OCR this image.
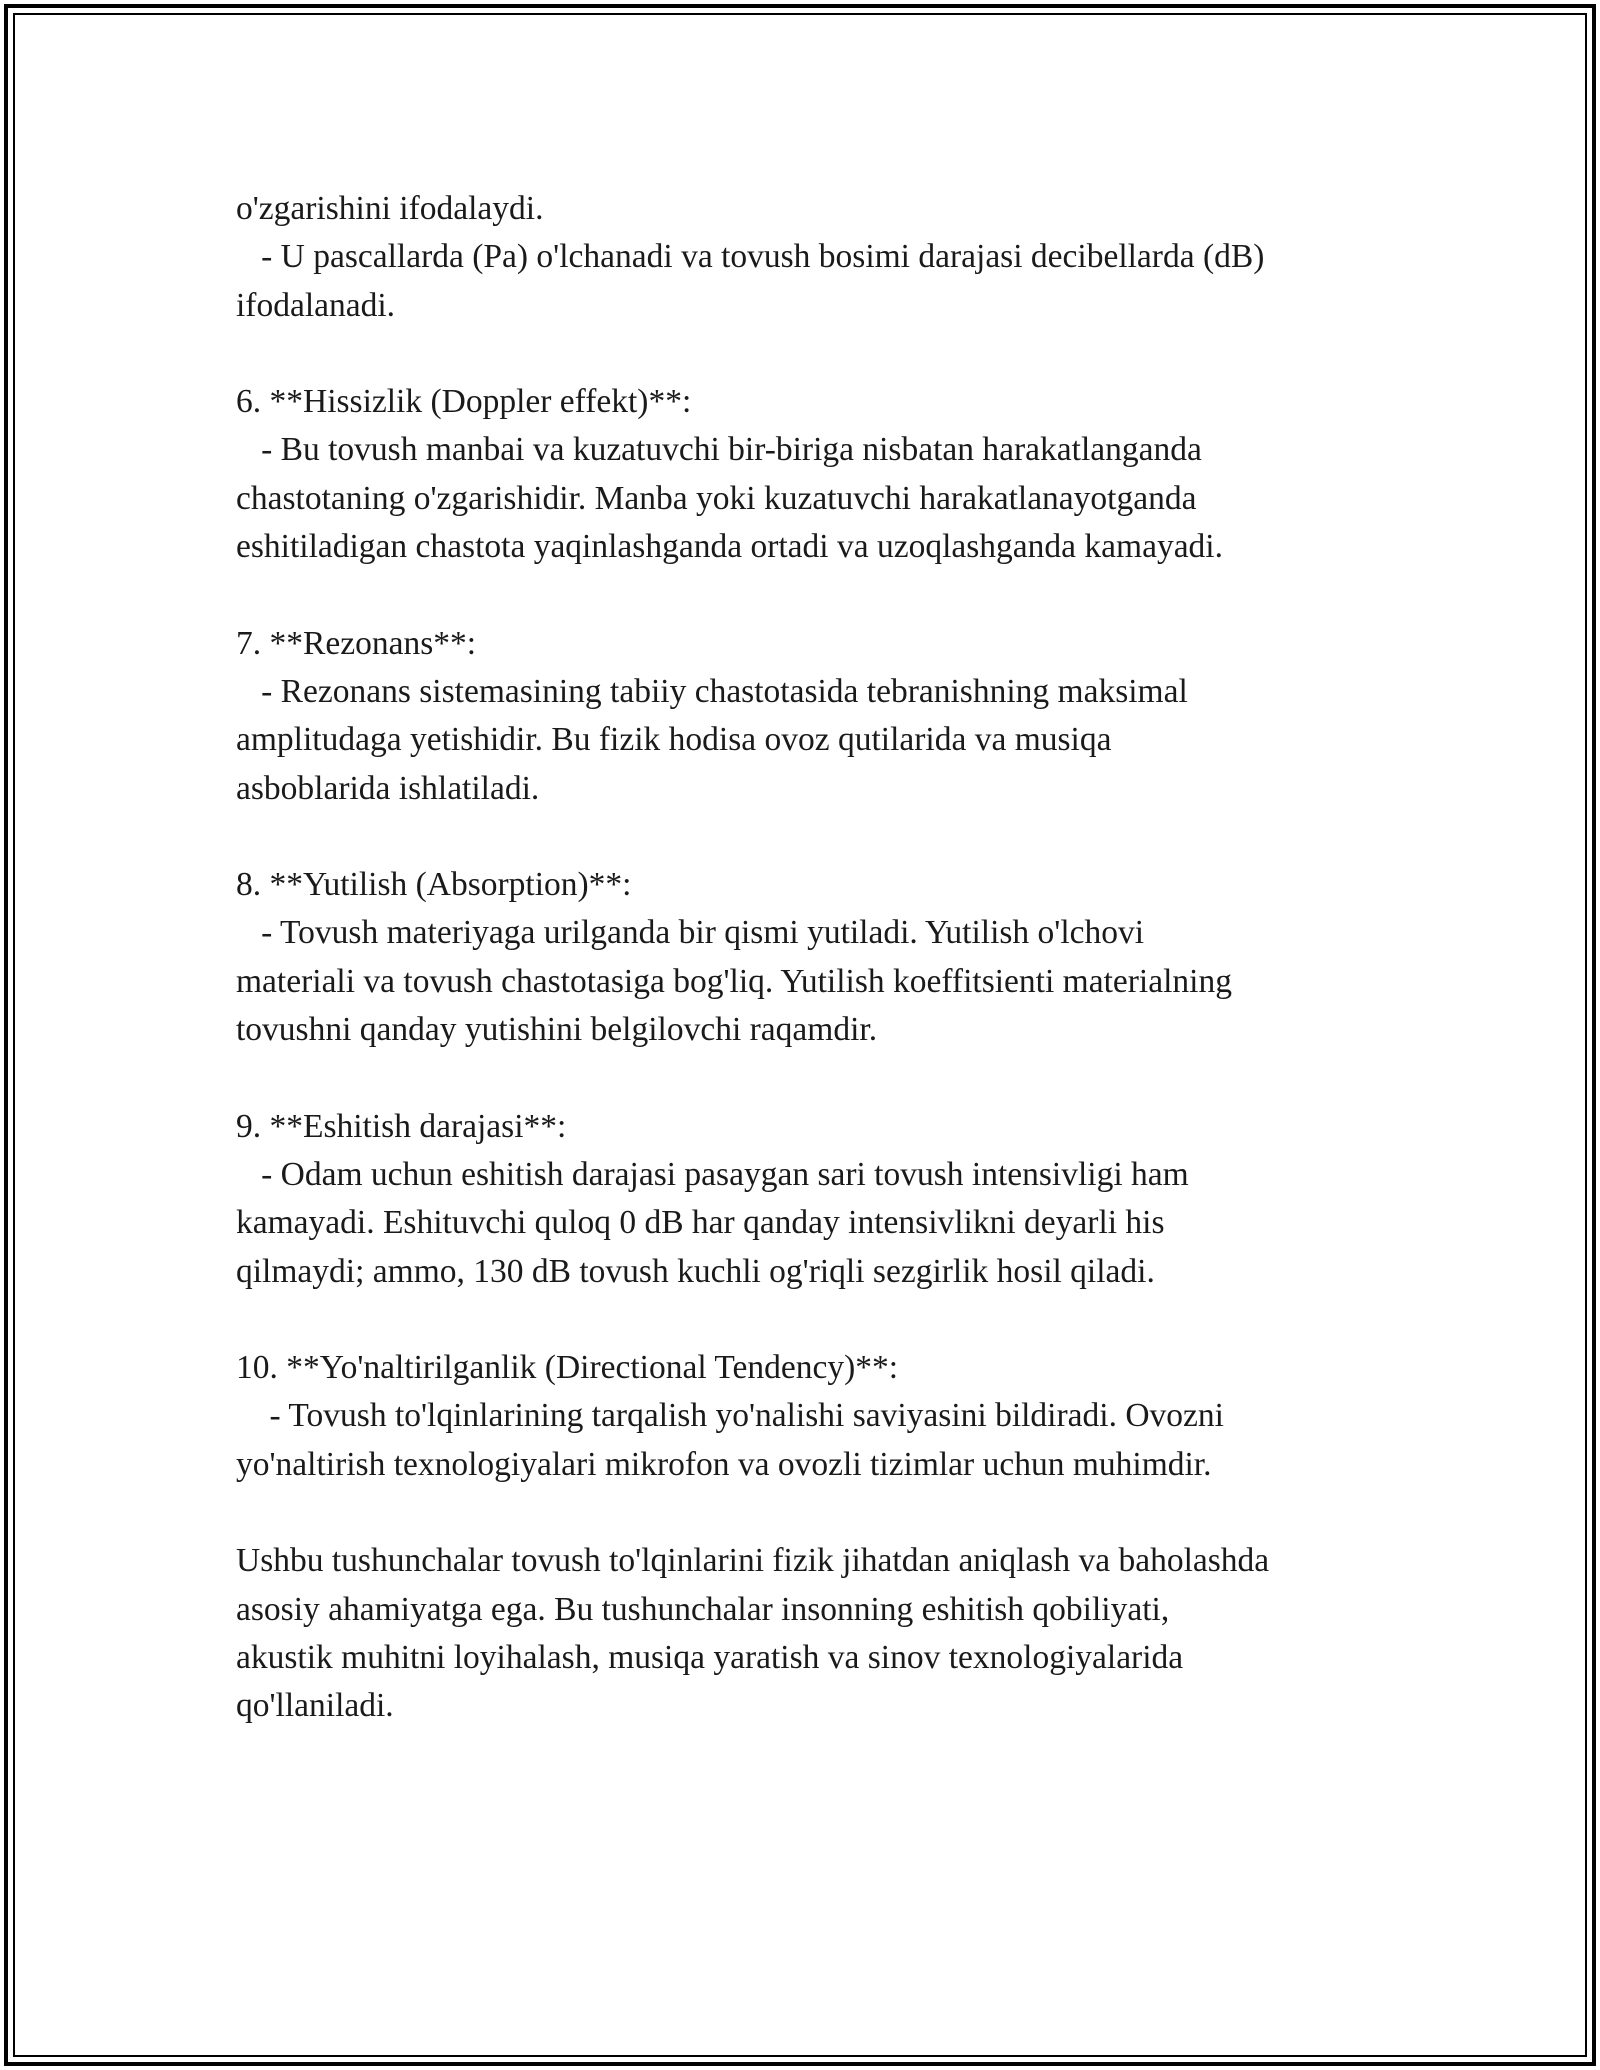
o'zgarishini ifodalaydi.
- U pascallarda (Pa) o'lchanadi va tovush bosimi darajasi decibellarda (dB)
ifodalanadi.
6. **Hissizlik (Doppler effekt)**:
- Bu tovush manbai va kuzatuvchi bir-biriga nisbatan harakatlanganda
chastotaning o'zgarishidir. Manba yoki kuzatuvchi harakatlanayotganda
eshitiladigan chastota yaqinlashganda ortadi va uzoqlashganda kamayadi.
7. **Rezonans**:
- Rezonans sistemasining tabiiy chastotasida tebranishning maksimal
amplitudaga yetishidir. Bu fizik hodisa ovoz qutilarida va musiqa
asboblarida ishlatiladi.
8. **Yutilish (Absorption)**:
- Tovush materiyaga urilganda bir qismi yutiladi. Yutilish o'lchovi
materiali va tovush chastotasiga bog'liq. Yutilish koeffitsienti materialning
tovushni qanday yutishini belgilovchi raqamdir.
9. **Eshitish darajasi**:
- Odam uchun eshitish darajasi pasaygan sari tovush intensivligi ham
kamayadi. Eshituvchi quloq 0 dB har qanday intensivlikni deyarli his
qilmaydi; ammo, 130 dB tovush kuchli og'riqli sezgirlik hosil qiladi.
10. **Yo'naltirilganlik (Directional Tendency)**:
- Tovush to'lqinlarining tarqalish yo'nalishi saviyasini bildiradi. Ovozni
yo'naltirish texnologiyalari mikrofon va ovozli tizimlar uchun muhimdir.
Ushbu tushunchalar tovush to'lqinlarini fizik jihatdan aniqlash va baholashda
asosiy ahamiyatga ega. Bu tushunchalar insonning eshitish qobiliyati,
akustik muhitni loyihalash, musiqa yaratish va sinov texnologiyalarida
qo'llaniladi.
